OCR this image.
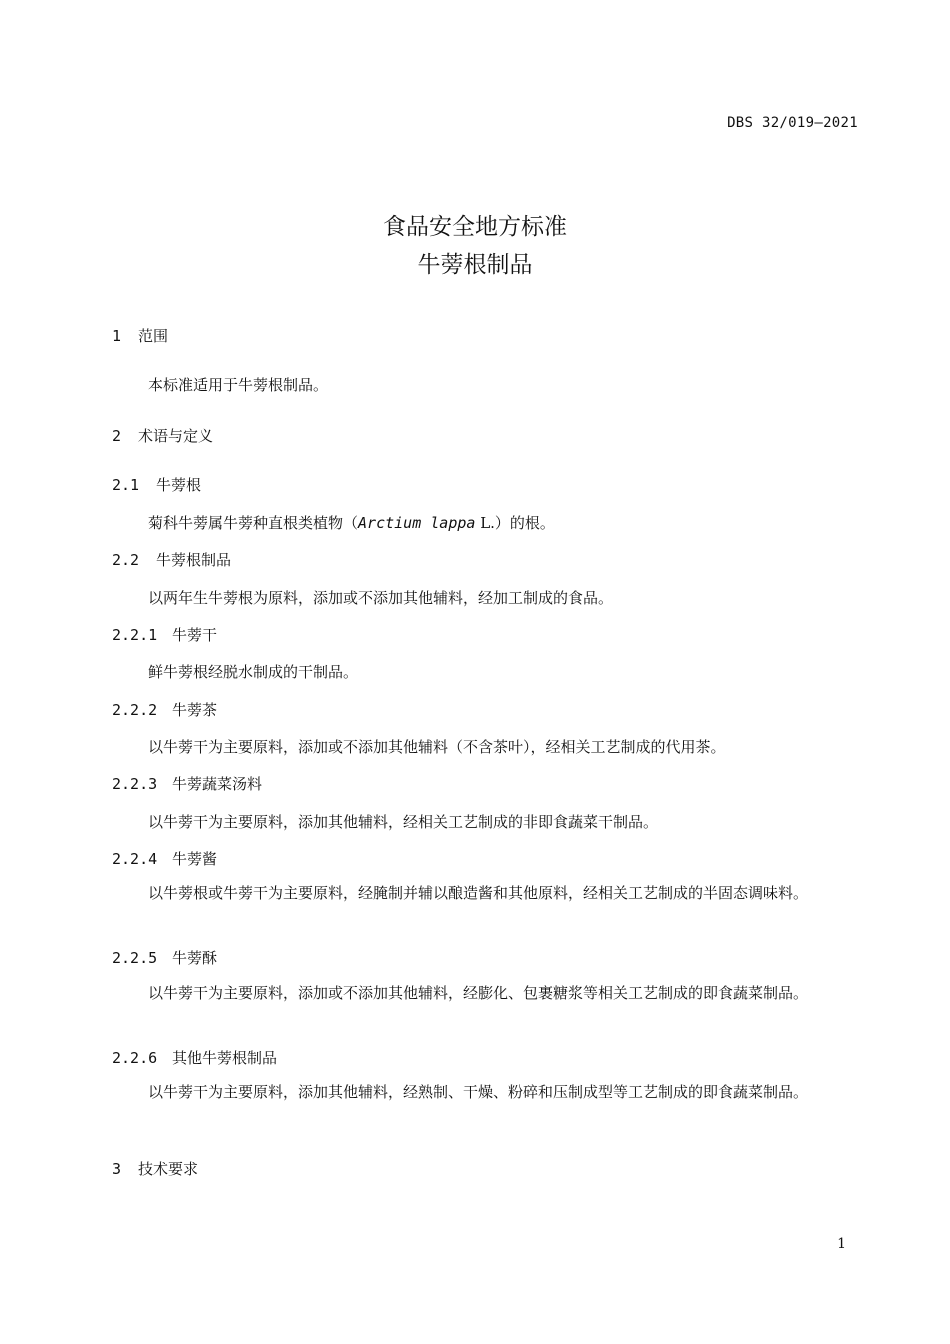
DBS 32/019—2021
食品安全地方标准
牛蒡根制品
1 范围
本标准适用于牛蒡根制品。
2 术语与定义
2.1 牛蒡根
菊科牛蒡属牛蒡种直根类植物（Arctium lappa L.）的根。
2.2 牛蒡根制品
以两年生牛蒡根为原料，添加或不添加其他辅料，经加工制成的食品。
2.2.1 牛蒡干
鲜牛蒡根经脱水制成的干制品。
2.2.2 牛蒡茶
以牛蒡干为主要原料，添加或不添加其他辅料（不含茶叶），经相关工艺制成的代用茶。
2.2.3 牛蒡蔬菜汤料
以牛蒡干为主要原料，添加其他辅料，经相关工艺制成的非即食蔬菜干制品。
2.2.4 牛蒡酱
以牛蒡根或牛蒡干为主要原料，经腌制并辅以酿造酱和其他原料，经相关工艺制成的半固态调味料。
2.2.5 牛蒡酥
以牛蒡干为主要原料，添加或不添加其他辅料，经膨化、包裹糖浆等相关工艺制成的即食蔬菜制品。
2.2.6 其他牛蒡根制品
以牛蒡干为主要原料，添加其他辅料，经熟制、干燥、粉碎和压制成型等工艺制成的即食蔬菜制品。
3 技术要求
1
